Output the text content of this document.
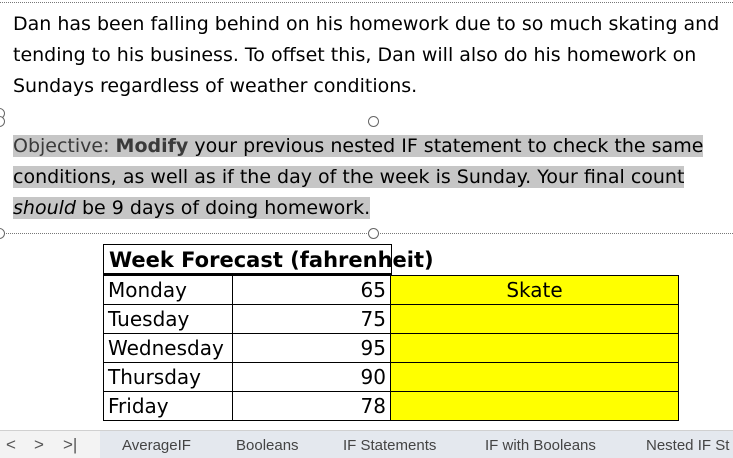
Dan has been falling behind on his homework due to so much skating and tending to his business. To offset this, Dan will also do his homework on Sundays regardless of weather conditions.

Objective: Modify your previous nested IF statement to check the same conditions, as well as if the day of the week is Sunday. Your final count should be 9 days of doing homework.

Week Forecast (fahrenheit)
Monday	65	Skate
Tuesday	75	
Wednesday	95	
Thursday	90	
Friday	78	
< > >|	AverageIF	Booleans	IF Statements	IF with Booleans	Nested IF St
